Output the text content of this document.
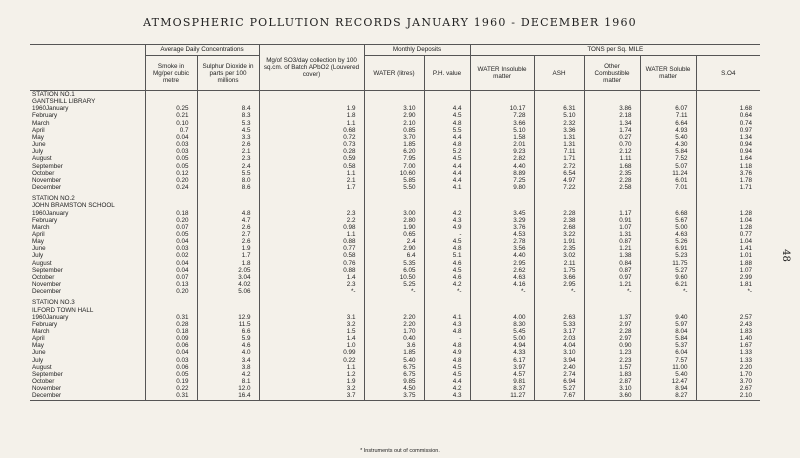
ATMOSPHERIC POLLUTION RECORDS JANUARY 1960 - DECEMBER 1960
48
	Average Daily Concentrations		Mg/of SO3/day collection by 100 sq.cm. of Batch APbO2 (Louvered cover)	Monthly Deposits		TONS per Sq. MILE				
	Smoke in Mg/per cubic metre	Sulphur Dioxide in parts per 100 millions		WATER (litres)	P.H. value	WATER Insoluble matter	ASH	Other Combustible matter	WATER Soluble matter	S.O4
STATION NO.1										
GANTSHILL LIBRARY										
1960January	0.25	8.4	1.9	3.10	4.4	10.17	6.31	3.86	6.07	1.68
February	0.21	8.3	1.8	2.90	4.5	7.28	5.10	2.18	7.11	0.64
March	0.10	5.3	1.1	2.10	4.8	3.66	2.32	1.34	6.64	0.74
April	0.7	4.5	0.68	0.85	5.5	5.10	3.36	1.74	4.93	0.97
May	0.04	3.3	0.72	3.70	4.4	1.58	1.31	0.27	5.40	1.34
June	0.03	2.6	0.73	1.85	4.8	2.01	1.31	0.70	4.30	0.94
July	0.03	2.1	0.28	6.20	5.2	9.23	7.11	2.12	5.84	0.94
August	0.05	2.3	0.59	7.95	4.5	2.82	1.71	1.11	7.52	1.64
September	0.05	2.4	0.58	7.00	4.4	4.40	2.72	1.68	5.07	1.18
October	0.12	5.5	1.1	10.60	4.4	8.89	6.54	2.35	11.24	3.76
November	0.20	8.0	2.1	5.85	4.4	7.25	4.97	2.28	6.01	1.78
December	0.24	8.6	1.7	5.50	4.1	9.80	7.22	2.58	7.01	1.71

STATION NO.2										
JOHN BRAMSTON SCHOOL										
1960January	0.18	4.8	2.3	3.00	4.2	3.45	2.28	1.17	6.68	1.28
February	0.20	4.7	2.2	2.80	4.3	3.29	2.38	0.91	5.67	1.04
March	0.07	2.6	0.98	1.90	4.9	3.76	2.68	1.07	5.00	1.28
April	0.05	2.7	1.1	0.65	-	4.53	3.22	1.31	4.63	0.77
May	0.04	2.6	0.88	2.4	4.5	2.78	1.91	0.87	5.26	1.04
June	0.03	1.9	0.77	2.90	4.8	3.56	2.35	1.21	6.91	1.41
July	0.02	1.7	0.58	6.4	5.1	4.40	3.02	1.38	5.23	1.01
August	0.04	1.8	0.76	5.35	4.6	2.95	2.11	0.84	11.75	1.88
September	0.04	2.05	0.88	6.05	4.5	2.62	1.75	0.87	5.27	1.07
October	0.07	3.04	1.4	10.50	4.6	4.63	3.66	0.97	9.60	2.99
November	0.13	4.02	2.3	5.25	4.2	4.16	2.95	1.21	6.21	1.81
December	0.20	5.06	*-	*-	*-	*-	*-	*-	*-	*-

STATION NO.3										
ILFORD TOWN HALL										
1960January	0.31	12.9	3.1	2.20	4.1	4.00	2.63	1.37	9.40	2.57
February	0.28	11.5	3.2	2.20	4.3	8.30	5.33	2.97	5.97	2.43
March	0.18	6.6	1.5	1.70	4.8	5.45	3.17	2.28	8.04	1.83
April	0.09	5.9	1.4	0.40	-	5.00	2.03	2.97	5.84	1.40
May	0.06	4.6	1.0	3.6	4.8	4.94	4.04	0.90	5.37	1.67
June	0.04	4.0	0.99	1.85	4.9	4.33	3.10	1.23	6.04	1.33
July	0.03	3.4	0.22	5.40	4.8	6.17	3.94	2.23	7.57	1.33
August	0.06	3.8	1.1	6.75	4.5	3.97	2.40	1.57	11.00	2.20
September	0.05	4.2	1.2	6.75	4.5	4.57	2.74	1.83	5.40	1.70
October	0.19	8.1	1.9	9.85	4.4	9.81	6.94	2.87	12.47	3.70
November	0.22	12.0	3.2	4.50	4.2	8.37	5.27	3.10	8.94	2.67
December	0.31	16.4	3.7	3.75	4.3	11.27	7.67	3.60	8.27	2.10
* Instruments out of commission.
